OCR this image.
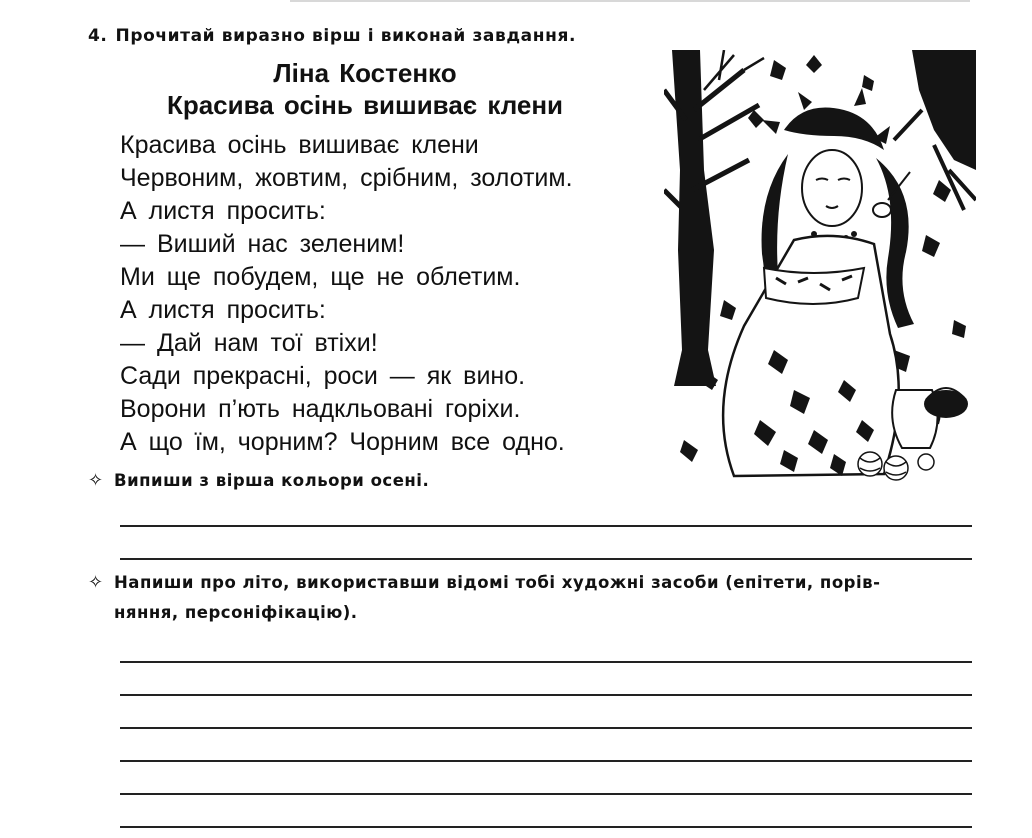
4. Прочитай виразно вірш і виконай завдання.
Ліна Костенко
Красива осінь вишиває клени
Красива осінь вишиває клени
Червоним, жовтим, срібним, золотим.
А листя просить:
— Виший нас зеленим!
Ми ще побудем, ще не облетим.
А листя просить:
— Дай нам тої втіхи!
Сади прекрасні, роси — як вино.
Ворони п’ють надкльовані горіхи.
А що їм, чорним? Чорним все одно.
✧ Випиши з вірша кольори осені.
✧ Напиши про літо, використавши відомі тобі художні засоби (епітети, порів-
няння, персоніфікацію).
